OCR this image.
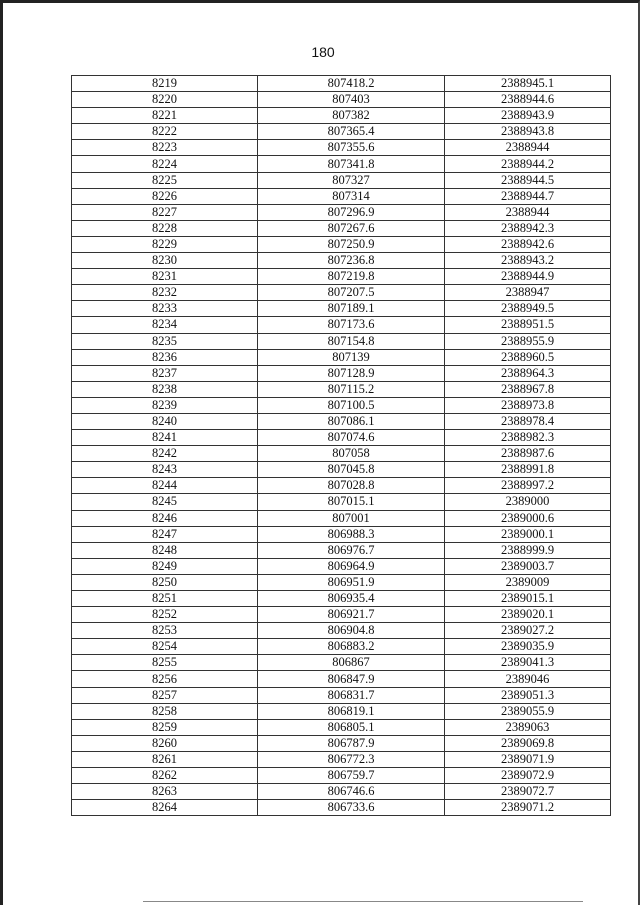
180
8219	807418.2	2388945.1
8220	807403	2388944.6
8221	807382	2388943.9
8222	807365.4	2388943.8
8223	807355.6	2388944
8224	807341.8	2388944.2
8225	807327	2388944.5
8226	807314	2388944.7
8227	807296.9	2388944
8228	807267.6	2388942.3
8229	807250.9	2388942.6
8230	807236.8	2388943.2
8231	807219.8	2388944.9
8232	807207.5	2388947
8233	807189.1	2388949.5
8234	807173.6	2388951.5
8235	807154.8	2388955.9
8236	807139	2388960.5
8237	807128.9	2388964.3
8238	807115.2	2388967.8
8239	807100.5	2388973.8
8240	807086.1	2388978.4
8241	807074.6	2388982.3
8242	807058	2388987.6
8243	807045.8	2388991.8
8244	807028.8	2388997.2
8245	807015.1	2389000
8246	807001	2389000.6
8247	806988.3	2389000.1
8248	806976.7	2388999.9
8249	806964.9	2389003.7
8250	806951.9	2389009
8251	806935.4	2389015.1
8252	806921.7	2389020.1
8253	806904.8	2389027.2
8254	806883.2	2389035.9
8255	806867	2389041.3
8256	806847.9	2389046
8257	806831.7	2389051.3
8258	806819.1	2389055.9
8259	806805.1	2389063
8260	806787.9	2389069.8
8261	806772.3	2389071.9
8262	806759.7	2389072.9
8263	806746.6	2389072.7
8264	806733.6	2389071.2
